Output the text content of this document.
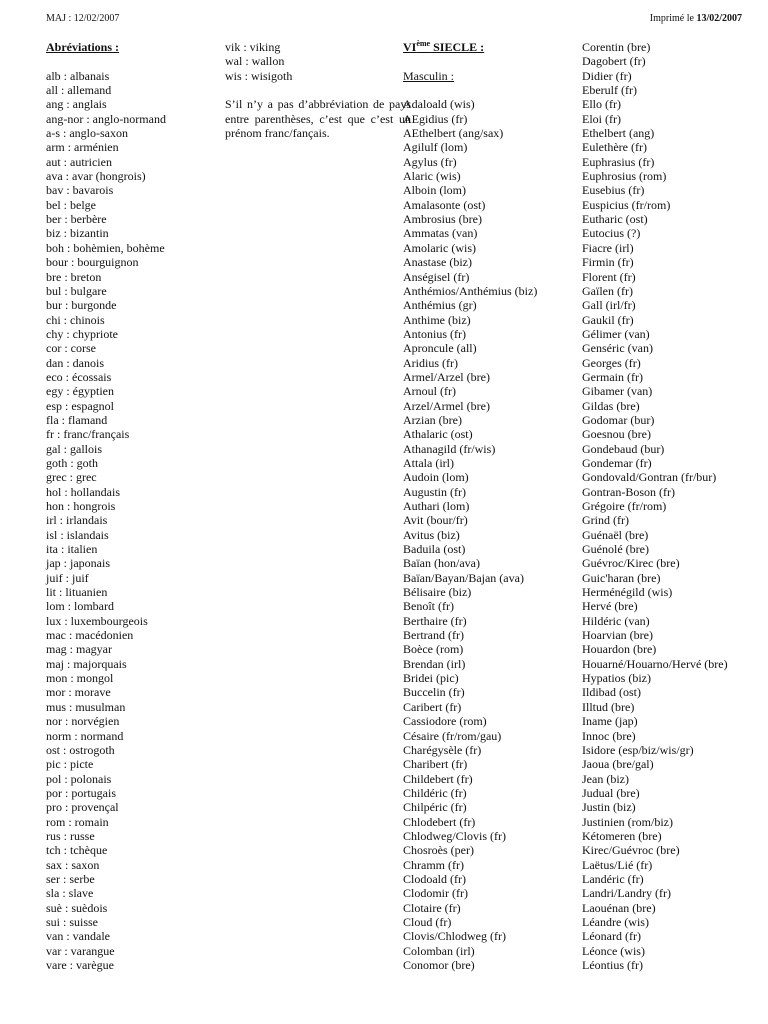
MAJ : 12/02/2007	Imprimé le 13/02/2007
Abréviations :
alb : albanais
all : allemand
ang : anglais
ang-nor : anglo-normand
a-s : anglo-saxon
arm : arménien
aut : autricien
ava : avar (hongrois)
bav : bavarois
bel : belge
ber : berbère
biz : bizantin
boh : bohèmien, bohème
bour : bourguignon
bre : breton
bul : bulgare
bur : burgonde
chi : chinois
chy : chypriote
cor : corse
dan : danois
eco : écossais
egy : égyptien
esp : espagnol
fla : flamand
fr : franc/français
gal : gallois
goth : goth
grec : grec
hol : hollandais
hon : hongrois
irl : irlandais
isl : islandais
ita : italien
jap : japonais
juif : juif
lit : lituanien
lom : lombard
lux : luxembourgeois
mac : macédonien
mag : magyar
maj : majorquais
mon : mongol
mor : morave
mus : musulman
nor : norvégien
norm : normand
ost : ostrogoth
pic : picte
pol : polonais
por : portugais
pro : provençal
rom : romain
rus : russe
tch : tchèque
sax : saxon
ser : serbe
sla : slave
suè : suèdois
sui : suisse
van : vandale
var : varangue
vare : varègue
vik : viking
wal : wallon
wis : wisigoth
S’il n’y a pas d’abbréviation de pays entre parenthèses, c’est que c’est un prénom franc/fançais.
VIème SIECLE :
Masculin :
Adaloald (wis)
AEgidius (fr)
AEthelbert (ang/sax)
Agilulf (lom)
Agylus (fr)
Alaric (wis)
Alboin (lom)
Amalasonte (ost)
Ambrosius (bre)
Ammatas (van)
Amolaric (wis)
Anastase (biz)
Anségisel (fr)
Anthémios/Anthémius (biz)
Anthémius (gr)
Anthime (biz)
Antonius (fr)
Aproncule (all)
Aridius (fr)
Armel/Arzel (bre)
Arnoul (fr)
Arzel/Armel (bre)
Arzian (bre)
Athalaric (ost)
Athanagild (fr/wis)
Attala (irl)
Audoin (lom)
Augustin (fr)
Authari (lom)
Avit (bour/fr)
Avitus (biz)
Baduila (ost)
Baïan (hon/ava)
Baïan/Bayan/Bajan (ava)
Bélisaire (biz)
Benoît (fr)
Berthaire (fr)
Bertrand (fr)
Boèce (rom)
Brendan (irl)
Bridei (pic)
Buccelin (fr)
Caribert (fr)
Cassiodore (rom)
Césaire (fr/rom/gau)
Charégysèle (fr)
Charibert (fr)
Childebert (fr)
Childéric (fr)
Chilpéric (fr)
Chlodebert (fr)
Chlodweg/Clovis (fr)
Chosroès (per)
Chramm (fr)
Clodoald (fr)
Clodomir (fr)
Clotaire (fr)
Cloud (fr)
Clovis/Chlodweg (fr)
Colomban (irl)
Conomor (bre)
Corentin (bre)
Dagobert (fr)
Didier (fr)
Eberulf (fr)
Ello (fr)
Eloi (fr)
Ethelbert (ang)
Eulethère (fr)
Euphrasius (fr)
Euphrosius (rom)
Eusebius (fr)
Euspicius (fr/rom)
Eutharic (ost)
Eutocius (?)
Fiacre (irl)
Firmin (fr)
Florent (fr)
Gaïlen (fr)
Gall (irl/fr)
Gaukil (fr)
Gélimer (van)
Genséric (van)
Georges (fr)
Germain (fr)
Gibamer (van)
Gildas (bre)
Godomar (bur)
Goesnou (bre)
Gondebaud (bur)
Gondemar (fr)
Gondovald/Gontran (fr/bur)
Gontran-Boson (fr)
Grégoire (fr/rom)
Grind (fr)
Guénaël (bre)
Guénolé (bre)
Guévroc/Kirec (bre)
Guic'haran (bre)
Herménégild (wis)
Hervé (bre)
Hildéric (van)
Hoarvian (bre)
Houardon (bre)
Houarné/Houarno/Hervé (bre)
Hypatios (biz)
Ildibad (ost)
Illtud (bre)
Iname (jap)
Innoc (bre)
Isidore (esp/biz/wis/gr)
Jaoua (bre/gal)
Jean (biz)
Judual (bre)
Justin (biz)
Justinien (rom/biz)
Kétomeren (bre)
Kirec/Guévroc (bre)
Laëtus/Lié (fr)
Landéric (fr)
Landri/Landry (fr)
Laouénan (bre)
Léandre (wis)
Léonard (fr)
Léonce (wis)
Léontius (fr)
